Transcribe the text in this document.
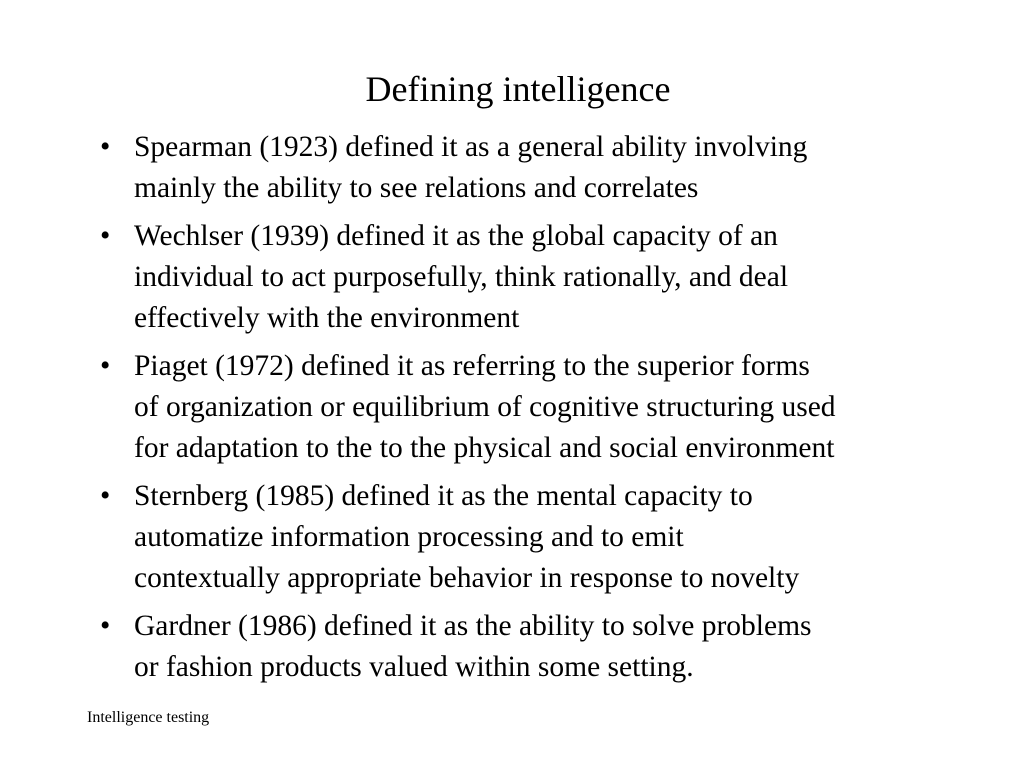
Defining intelligence
• Spearman (1923) defined it as a general ability involving
mainly the ability to see relations and correlates
• Wechlser (1939) defined it as the global capacity of an
individual to act purposefully, think rationally, and deal
effectively with the environment
• Piaget (1972) defined it as referring to the superior forms
of organization or equilibrium of cognitive structuring used
for adaptation to the to the physical and social environment
• Sternberg (1985) defined it as the mental capacity to
automatize information processing and to emit
contextually appropriate behavior in response to novelty
• Gardner (1986) defined it as the ability to solve problems
or fashion products valued within some setting.
Intelligence testing
